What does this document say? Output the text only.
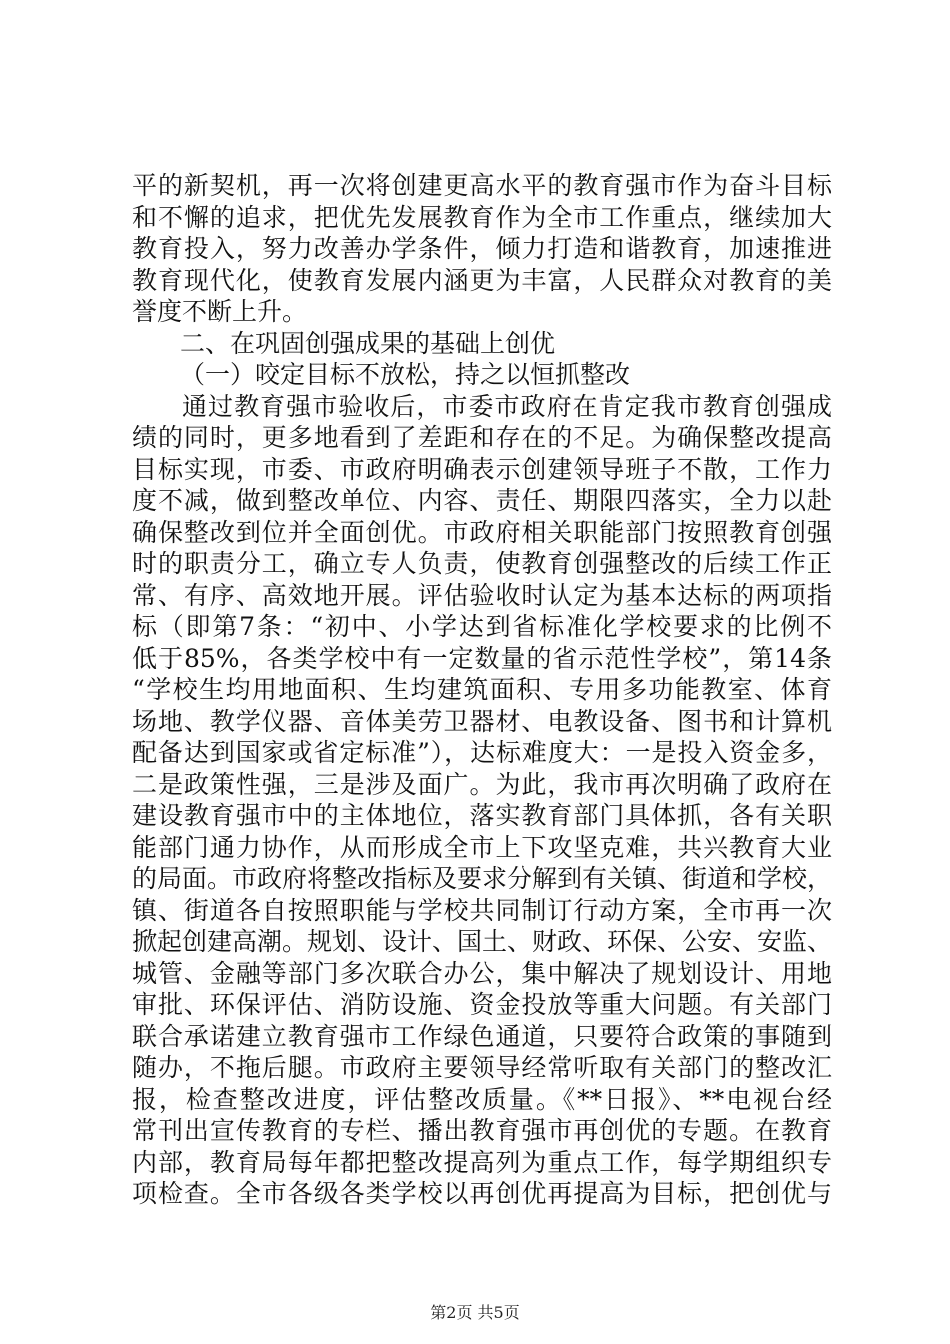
平的新契机，再一次将创建更高水平的教育强市作为奋斗目标
和不懈的追求，把优先发展教育作为全市工作重点，继续加大
教育投入，努力改善办学条件，倾力打造和谐教育，加速推进
教育现代化，使教育发展内涵更为丰富，人民群众对教育的美
誉度不断上升。
二、在巩固创强成果的基础上创优
（一）咬定目标不放松，持之以恒抓整改
通过教育强市验收后，市委市政府在肯定我市教育创强成
绩的同时，更多地看到了差距和存在的不足。为确保整改提高
目标实现，市委、市政府明确表示创建领导班子不散，工作力
度不减，做到整改单位、内容、责任、期限四落实，全力以赴
确保整改到位并全面创优。市政府相关职能部门按照教育创强
时的职责分工，确立专人负责，使教育创强整改的后续工作正
常、有序、高效地开展。评估验收时认定为基本达标的两项指
标（即第7条：“初中、小学达到省标准化学校要求的比例不
低于85%，各类学校中有一定数量的省示范性学校”，第14条
“学校生均用地面积、生均建筑面积、专用多功能教室、体育
场地、教学仪器、音体美劳卫器材、电教设备、图书和计算机
配备达到国家或省定标准”），达标难度大：一是投入资金多，
二是政策性强，三是涉及面广。为此，我市再次明确了政府在
建设教育强市中的主体地位，落实教育部门具体抓，各有关职
能部门通力协作，从而形成全市上下攻坚克难，共兴教育大业
的局面。市政府将整改指标及要求分解到有关镇、街道和学校，
镇、街道各自按照职能与学校共同制订行动方案，全市再一次
掀起创建高潮。规划、设计、国土、财政、环保、公安、安监、
城管、金融等部门多次联合办公，集中解决了规划设计、用地
审批、环保评估、消防设施、资金投放等重大问题。有关部门
联合承诺建立教育强市工作绿色通道，只要符合政策的事随到
随办，不拖后腿。市政府主要领导经常听取有关部门的整改汇
报，检查整改进度，评估整改质量。《**日报》、**电视台经
常刊出宣传教育的专栏、播出教育强市再创优的专题。在教育
内部，教育局每年都把整改提高列为重点工作，每学期组织专
项检查。全市各级各类学校以再创优再提高为目标，把创优与
第2页 共5页
